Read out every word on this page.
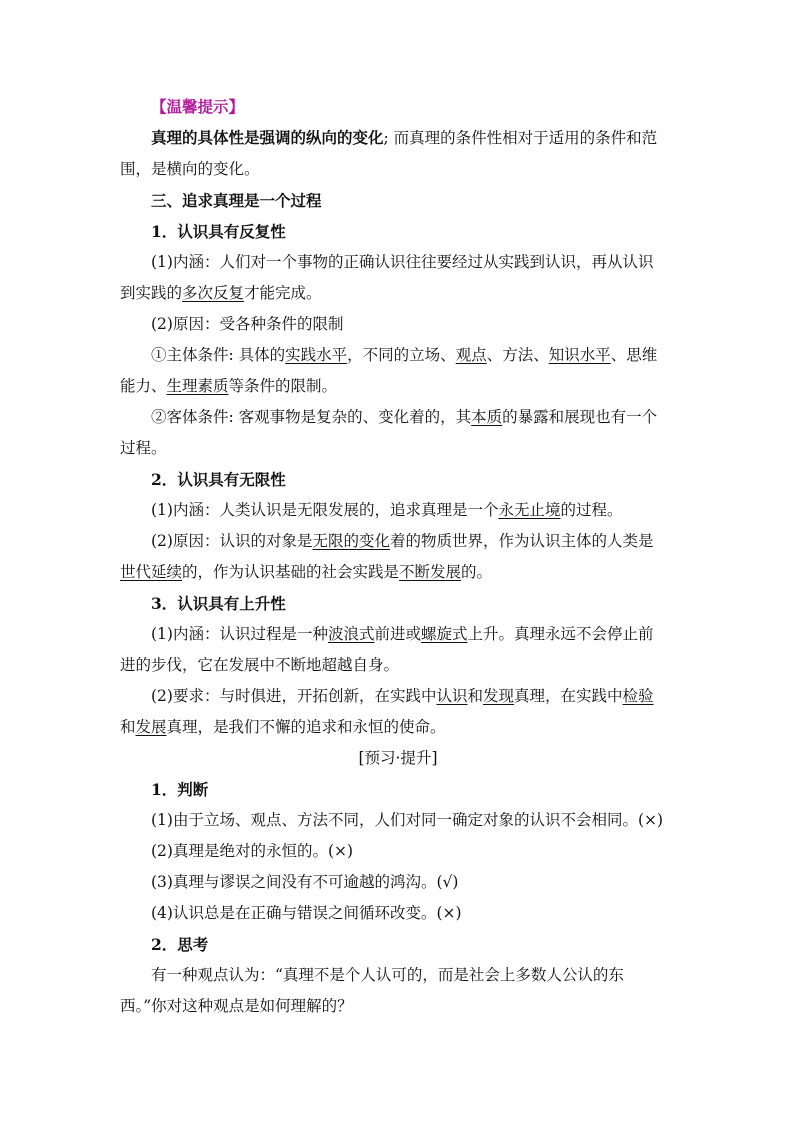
【温馨提示】

真理的具体性是强调的纵向的变化; 而真理的条件性相对于适用的条件和范

围，是横向的变化。

三、追求真理是一个过程

1．认识具有反复性

(1)内涵：人们对一个事物的正确认识往往要经过从实践到认识，再从认识

到实践的多次反复才能完成。

(2)原因：受各种条件的限制

①主体条件: 具体的实践水平，不同的立场、观点、方法、知识水平、思维

能力、生理素质等条件的限制。

②客体条件: 客观事物是复杂的、变化着的，其本质的暴露和展现也有一个

过程。

2．认识具有无限性

(1)内涵：人类认识是无限发展的，追求真理是一个永无止境的过程。

(2)原因：认识的对象是无限的变化着的物质世界，作为认识主体的人类是

世代延续的，作为认识基础的社会实践是不断发展的。

3．认识具有上升性

(1)内涵：认识过程是一种波浪式前进或螺旋式上升。真理永远不会停止前

进的步伐，它在发展中不断地超越自身。

(2)要求：与时俱进，开拓创新，在实践中认识和发现真理，在实践中检验

和发展真理，是我们不懈的追求和永恒的使命。

[预习·提升]

1．判断

(1)由于立场、观点、方法不同，人们对同一确定对象的认识不会相同。(×)

(2)真理是绝对的永恒的。(×)

(3)真理与谬误之间没有不可逾越的鸿沟。(√)

(4)认识总是在正确与错误之间循环改变。(×)

2．思考

有一种观点认为：“真理不是个人认可的，而是社会上多数人公认的东

西。”你对这种观点是如何理解的？
